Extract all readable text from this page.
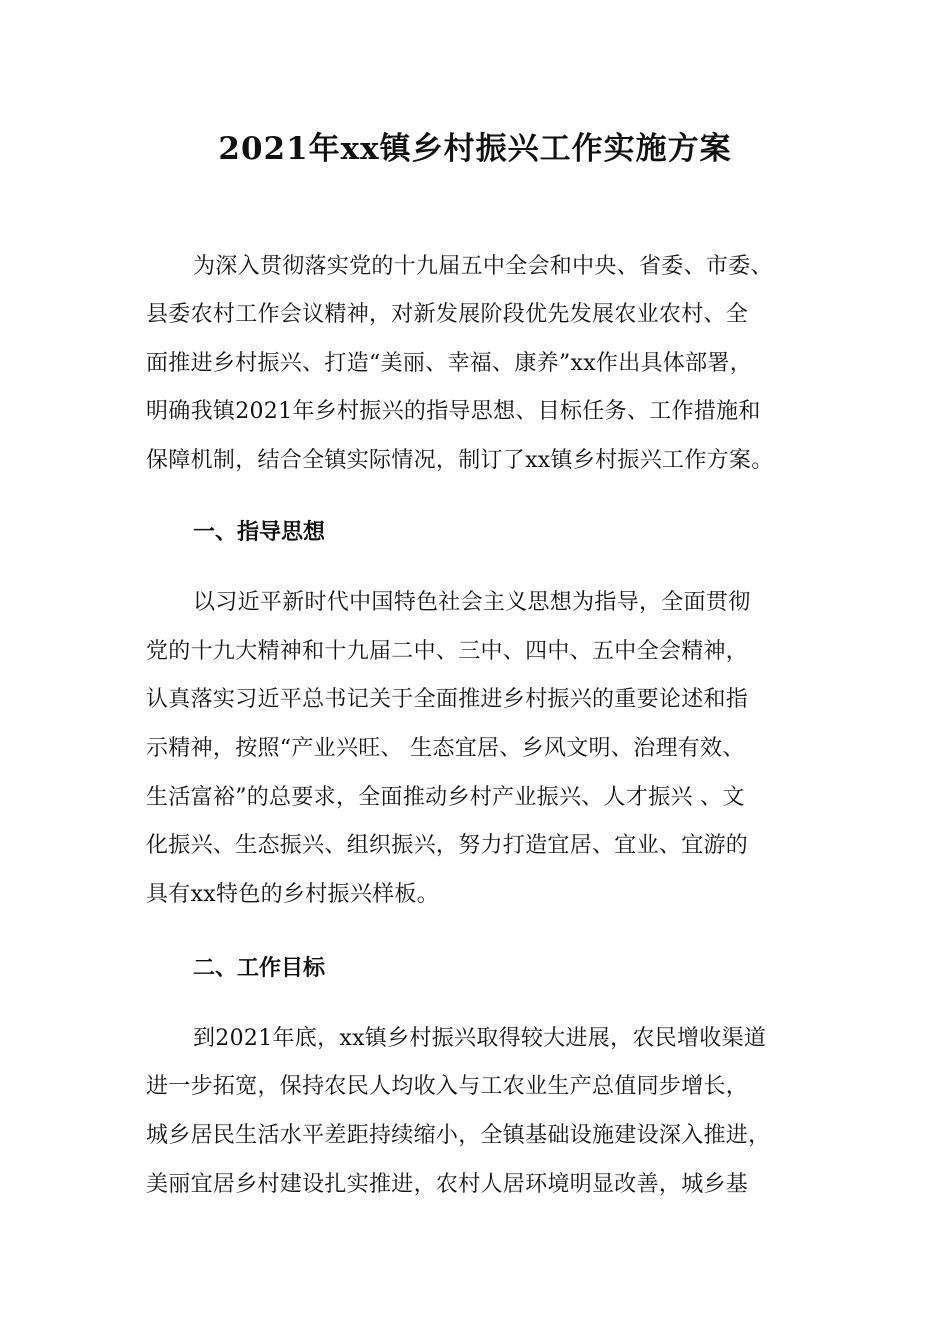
2021年xx镇乡村振兴工作实施方案
为深入贯彻落实党的十九届五中全会和中央、省委、市委、
县委农村工作会议精神，对新发展阶段优先发展农业农村、全
面推进乡村振兴、打造“美丽、幸福、康养”xx作出具体部署，
明确我镇2021年乡村振兴的指导思想、目标任务、工作措施和
保障机制，结合全镇实际情况，制订了xx镇乡村振兴工作方案。
一、指导思想
以习近平新时代中国特色社会主义思想为指导，全面贯彻
党的十九大精神和十九届二中、三中、四中、五中全会精神，
认真落实习近平总书记关于全面推进乡村振兴的重要论述和指
示精神，按照“产业兴旺、 生态宜居、乡风文明、治理有效、
生活富裕”的总要求，全面推动乡村产业振兴、人才振兴 、文
化振兴、生态振兴、组织振兴，努力打造宜居、宜业、宜游的
具有xx特色的乡村振兴样板。
二、工作目标
到2021年底，xx镇乡村振兴取得较大进展，农民增收渠道
进一步拓宽，保持农民人均收入与工农业生产总值同步增长，
城乡居民生活水平差距持续缩小，全镇基础设施建设深入推进，
美丽宜居乡村建设扎实推进，农村人居环境明显改善，城乡基
